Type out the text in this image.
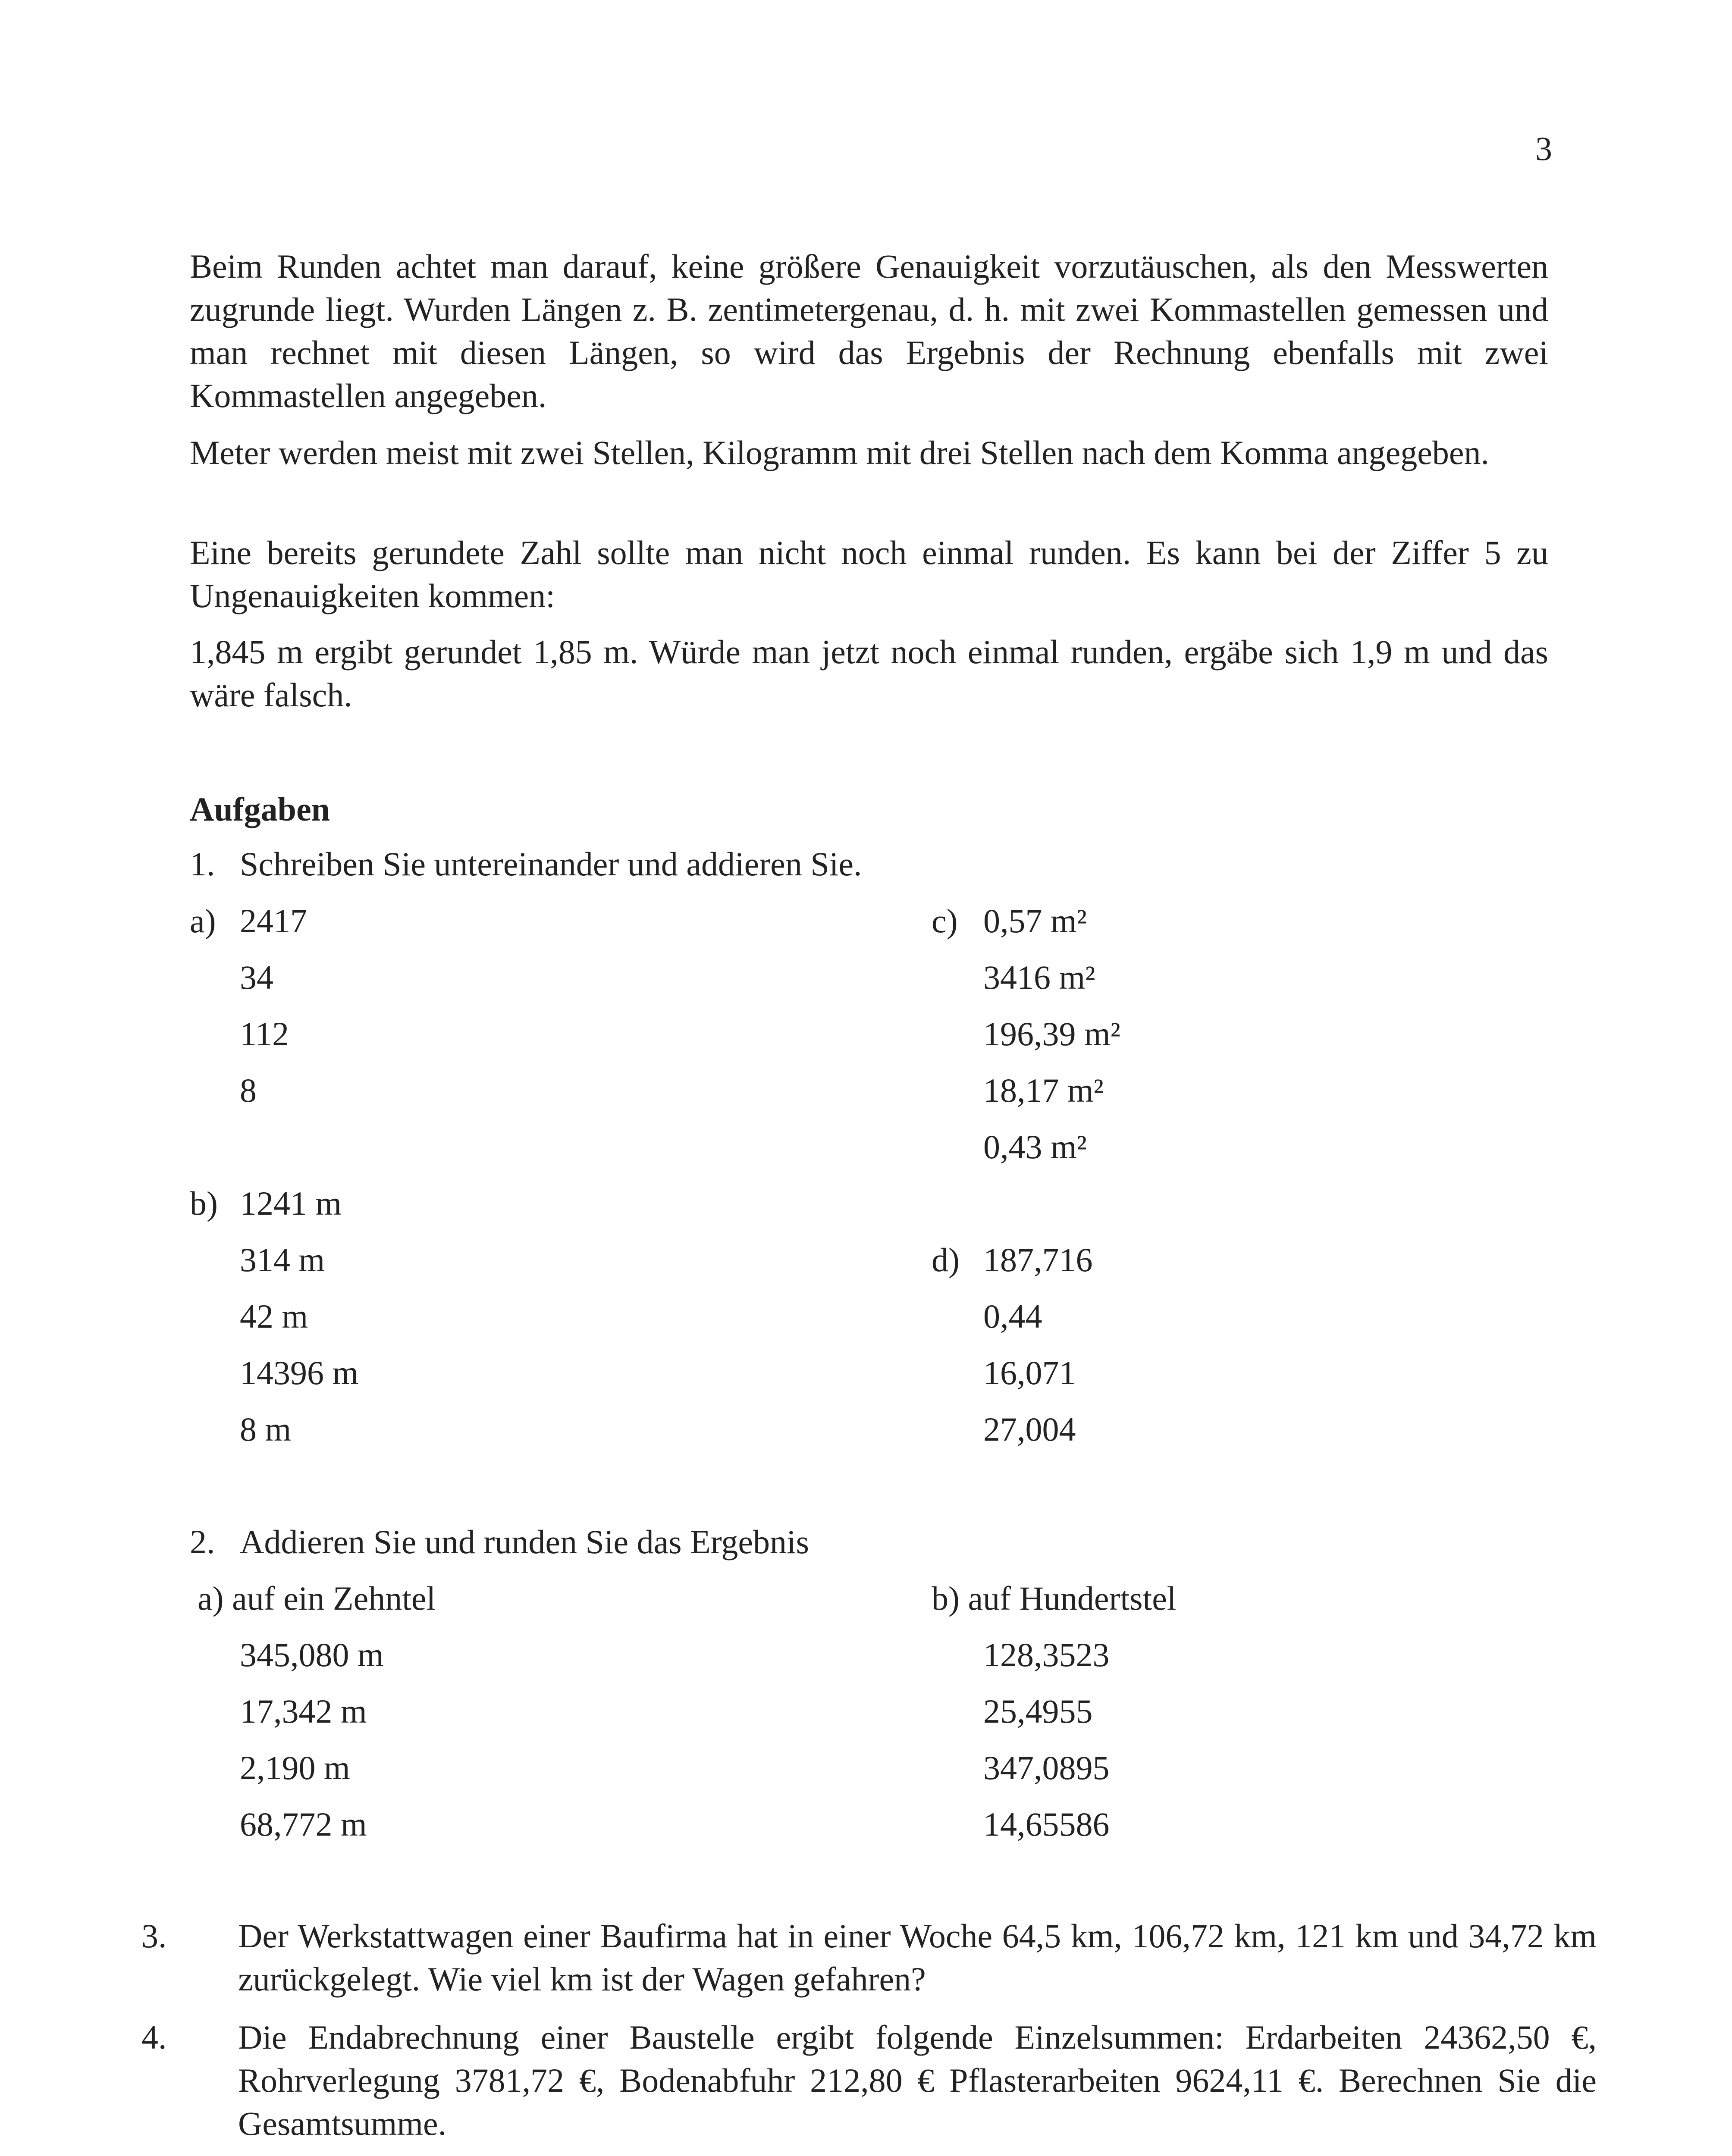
3

Beim Runden achtet man darauf, keine größere Genauigkeit vorzutäuschen, als den Messwerten zugrunde liegt. Wurden Längen z. B. zentimetergenau, d. h. mit zwei Kommastellen gemessen und man rechnet mit diesen Längen, so wird das Ergebnis der Rechnung ebenfalls mit zwei Kommastellen angegeben.

Meter werden meist mit zwei Stellen, Kilogramm mit drei Stellen nach dem Komma angegeben.

Eine bereits gerundete Zahl sollte man nicht noch einmal runden. Es kann bei der Ziffer 5 zu Ungenauigkeiten kommen:

1,845 m ergibt gerundet 1,85 m. Würde man jetzt noch einmal runden, ergäbe sich 1,9 m und das wäre falsch.

Aufgaben
1. Schreiben Sie untereinander und addieren Sie.
a) 2417
34
112
8
b) 1241 m
314 m
42 m
14396 m
8 m
c) 0,57 m²
3416 m²
196,39 m²
18,17 m²
0,43 m²
d) 187,716
0,44
16,071
27,004
2. Addieren Sie und runden Sie das Ergebnis
a) auf ein Zehntel
345,080 m
17,342 m
2,190 m
68,772 m
b) auf Hundertstel
128,3523
25,4955
347,0895
14,65586
3. Der Werkstattwagen einer Baufirma hat in einer Woche 64,5 km, 106,72 km, 121 km und 34,72 km zurückgelegt. Wie viel km ist der Wagen gefahren?
4. Die Endabrechnung einer Baustelle ergibt folgende Einzelsummen: Erdarbeiten 24362,50 €, Rohrverlegung 3781,72 €, Bodenabfuhr 212,80 € Pflasterarbeiten 9624,11 €. Berechnen Sie die Gesamtsumme.
